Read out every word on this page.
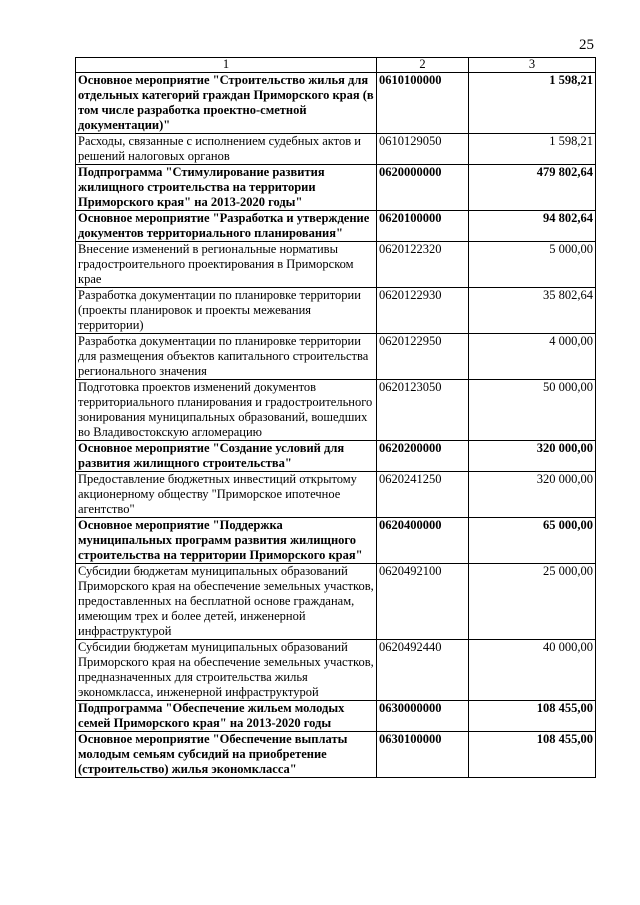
25
1	2	3
Основное мероприятие "Строительство жилья для отдельных категорий граждан Приморского края (в том числе разработка проектно-сметной документации)"	0610100000	1 598,21
Расходы, связанные с исполнением судебных актов и решений налоговых органов	0610129050	1 598,21
Подпрограмма "Стимулирование развития жилищного строительства на территории Приморского края" на 2013-2020 годы"	0620000000	479 802,64
Основное мероприятие "Разработка и утверждение документов территориального планирования"	0620100000	94 802,64
Внесение изменений в региональные нормативы градостроительного проектирования в Приморском крае	0620122320	5 000,00
Разработка документации по планировке территории (проекты планировок и проекты межевания территории)	0620122930	35 802,64
Разработка документации по планировке территории для размещения объектов капитального строительства регионального значения	0620122950	4 000,00
Подготовка проектов изменений документов территориального планирования и градостроительного зонирования муниципальных образований, вошедших во Владивостокскую агломерацию	0620123050	50 000,00
Основное мероприятие "Создание условий для развития жилищного строительства"	0620200000	320 000,00
Предоставление бюджетных инвестиций открытому акционерному обществу "Приморское ипотечное агентство"	0620241250	320 000,00
Основное мероприятие "Поддержка муниципальных программ развития жилищного строительства на территории Приморского края"	0620400000	65 000,00
Субсидии бюджетам муниципальных образований Приморского края на обеспечение земельных участков, предоставленных на бесплатной основе гражданам, имеющим трех и более детей, инженерной инфраструктурой	0620492100	25 000,00
Субсидии бюджетам муниципальных образований Приморского края на обеспечение земельных участков, предназначенных для строительства жилья экономкласса, инженерной инфраструктурой	0620492440	40 000,00
Подпрограмма "Обеспечение жильем молодых семей Приморского края" на 2013-2020 годы	0630000000	108 455,00
Основное мероприятие "Обеспечение выплаты молодым семьям субсидий на приобретение (строительство) жилья экономкласса"	0630100000	108 455,00
